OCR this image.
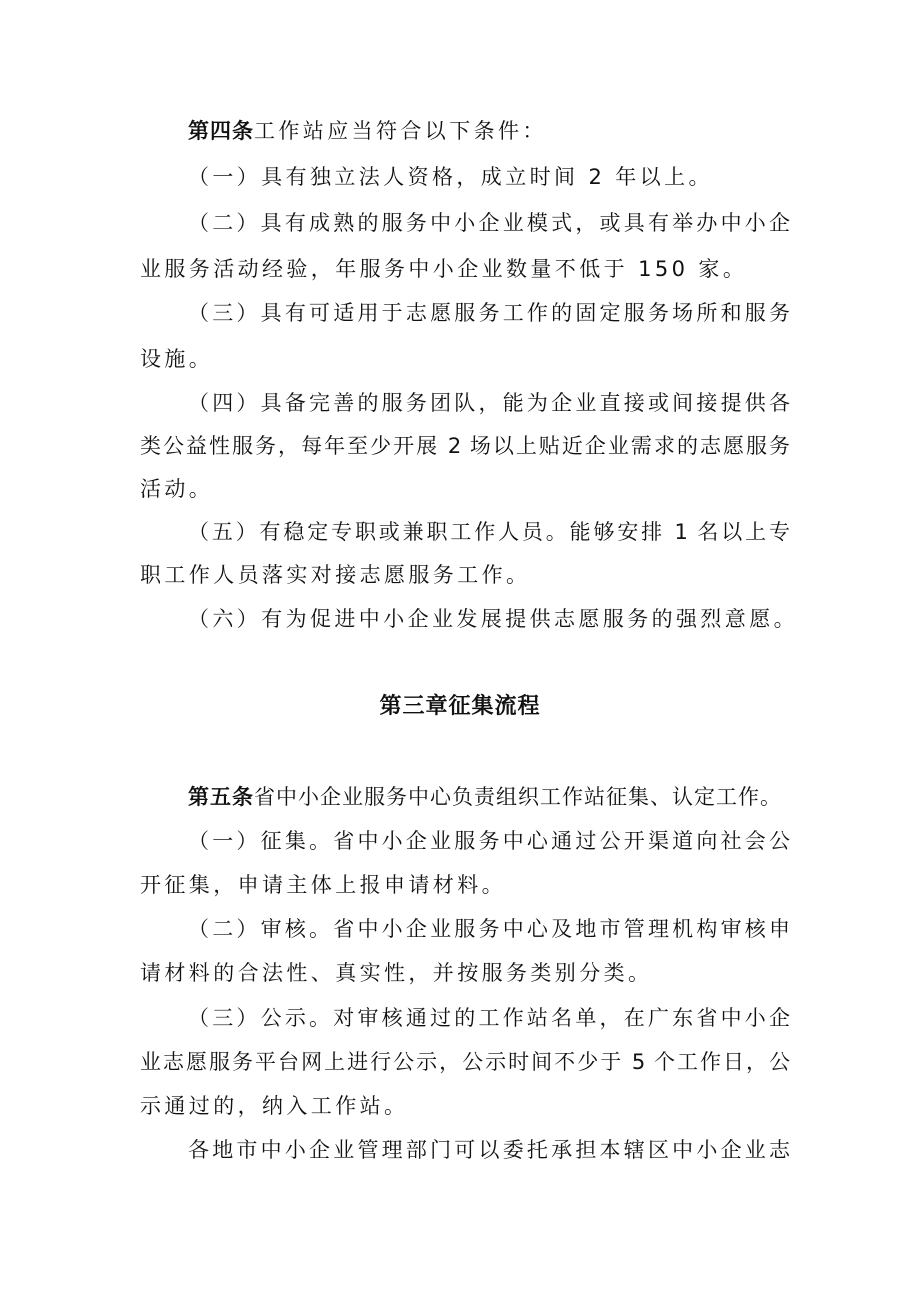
第四条工作站应当符合以下条件：
（一）具有独立法人资格，成立时间 2 年以上。
（二）具有成熟的服务中小企业模式，或具有举办中小企
业服务活动经验，年服务中小企业数量不低于 150 家。
（三）具有可适用于志愿服务工作的固定服务场所和服务
设施。
（四）具备完善的服务团队，能为企业直接或间接提供各
类公益性服务，每年至少开展 2 场以上贴近企业需求的志愿服务
活动。
（五）有稳定专职或兼职工作人员。能够安排 1 名以上专
职工作人员落实对接志愿服务工作。
（六）有为促进中小企业发展提供志愿服务的强烈意愿。
第三章征集流程
第五条省中小企业服务中心负责组织工作站征集、认定工作。
（一）征集。省中小企业服务中心通过公开渠道向社会公
开征集，申请主体上报申请材料。
（二）审核。省中小企业服务中心及地市管理机构审核申
请材料的合法性、真实性，并按服务类别分类。
（三）公示。对审核通过的工作站名单，在广东省中小企
业志愿服务平台网上进行公示，公示时间不少于 5 个工作日，公
示通过的，纳入工作站。
各地市中小企业管理部门可以委托承担本辖区中小企业志
